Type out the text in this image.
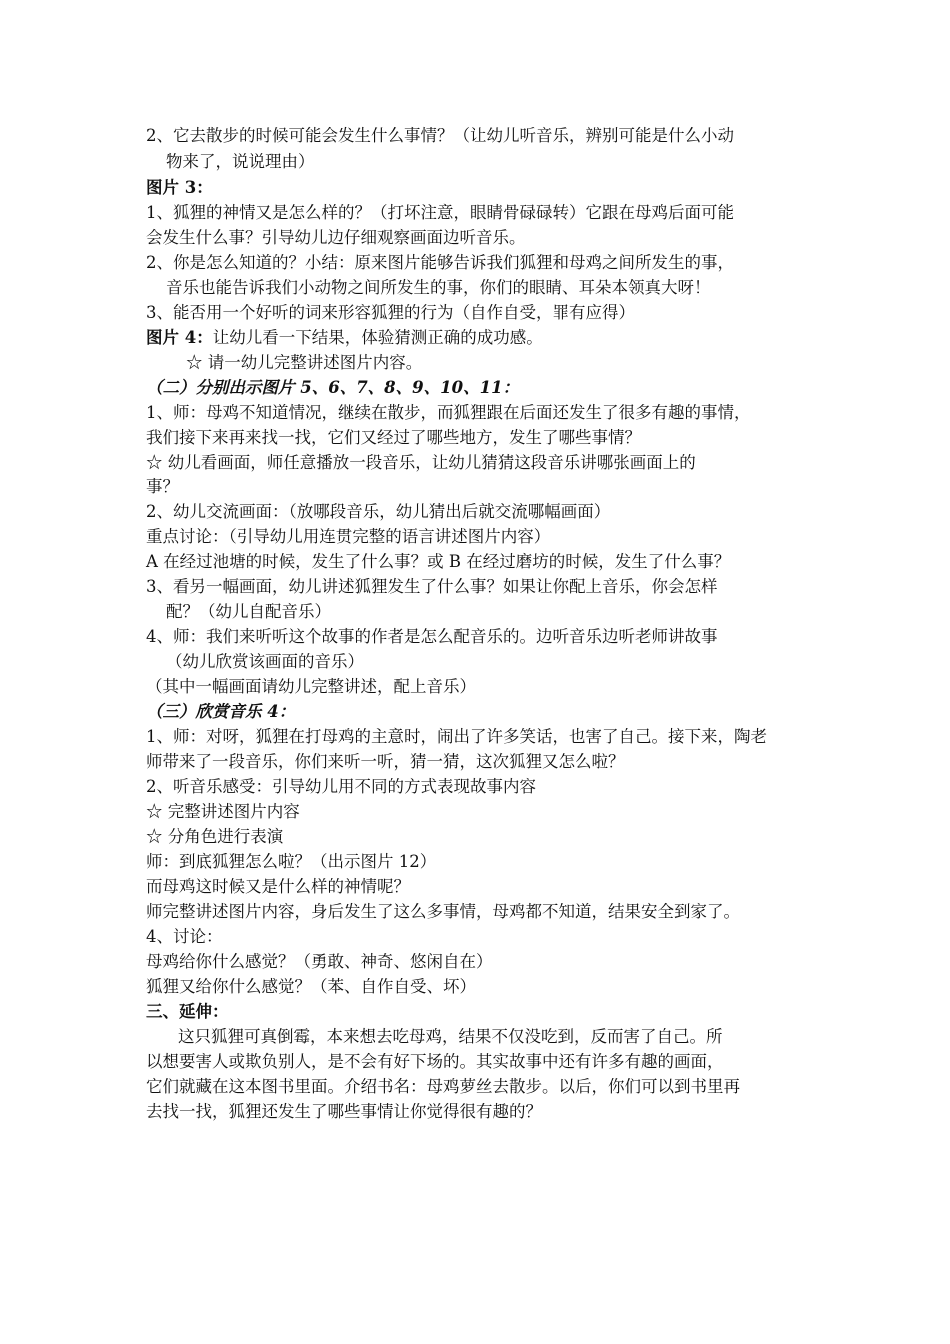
2、它去散步的时候可能会发生什么事情？（让幼儿听音乐，辨别可能是什么小动
物来了，说说理由）
图片 3：
1、狐狸的神情又是怎么样的？（打坏注意，眼睛骨碌碌转）它跟在母鸡后面可能
会发生什么事？引导幼儿边仔细观察画面边听音乐。
2、你是怎么知道的？小结：原来图片能够告诉我们狐狸和母鸡之间所发生的事，
音乐也能告诉我们小动物之间所发生的事，你们的眼睛、耳朵本领真大呀！
3、能否用一个好听的词来形容狐狸的行为（自作自受，罪有应得）
图片 4：让幼儿看一下结果，体验猜测正确的成功感。
☆ 请一幼儿完整讲述图片内容。
（二）分别出示图片 5、6、7、8、9、10、11：
1、师：母鸡不知道情况，继续在散步，而狐狸跟在后面还发生了很多有趣的事情，
我们接下来再来找一找，它们又经过了哪些地方，发生了哪些事情？
☆ 幼儿看画面，师任意播放一段音乐，让幼儿猜猜这段音乐讲哪张画面上的
事？
2、幼儿交流画面：（放哪段音乐，幼儿猜出后就交流哪幅画面）
重点讨论：（引导幼儿用连贯完整的语言讲述图片内容）
A 在经过池塘的时候，发生了什么事？或 B 在经过磨坊的时候，发生了什么事？
3、看另一幅画面，幼儿讲述狐狸发生了什么事？如果让你配上音乐，你会怎样
配？（幼儿自配音乐）
4、师：我们来听听这个故事的作者是怎么配音乐的。边听音乐边听老师讲故事
（幼儿欣赏该画面的音乐）
（其中一幅画面请幼儿完整讲述，配上音乐）
（三）欣赏音乐 4：
1、师：对呀，狐狸在打母鸡的主意时，闹出了许多笑话，也害了自己。接下来，陶老
师带来了一段音乐，你们来听一听，猜一猜，这次狐狸又怎么啦？
2、听音乐感受：引导幼儿用不同的方式表现故事内容
☆ 完整讲述图片内容
☆ 分角色进行表演
师：到底狐狸怎么啦？（出示图片 12）
而母鸡这时候又是什么样的神情呢？
师完整讲述图片内容，身后发生了这么多事情，母鸡都不知道，结果安全到家了。
4、讨论：
母鸡给你什么感觉？（勇敢、神奇、悠闲自在）
狐狸又给你什么感觉？（苯、自作自受、坏）
三、延伸：
这只狐狸可真倒霉，本来想去吃母鸡，结果不仅没吃到，反而害了自己。所
以想要害人或欺负别人，是不会有好下场的。其实故事中还有许多有趣的画面，
它们就藏在这本图书里面。介绍书名：母鸡萝丝去散步。以后，你们可以到书里再
去找一找，狐狸还发生了哪些事情让你觉得很有趣的？
